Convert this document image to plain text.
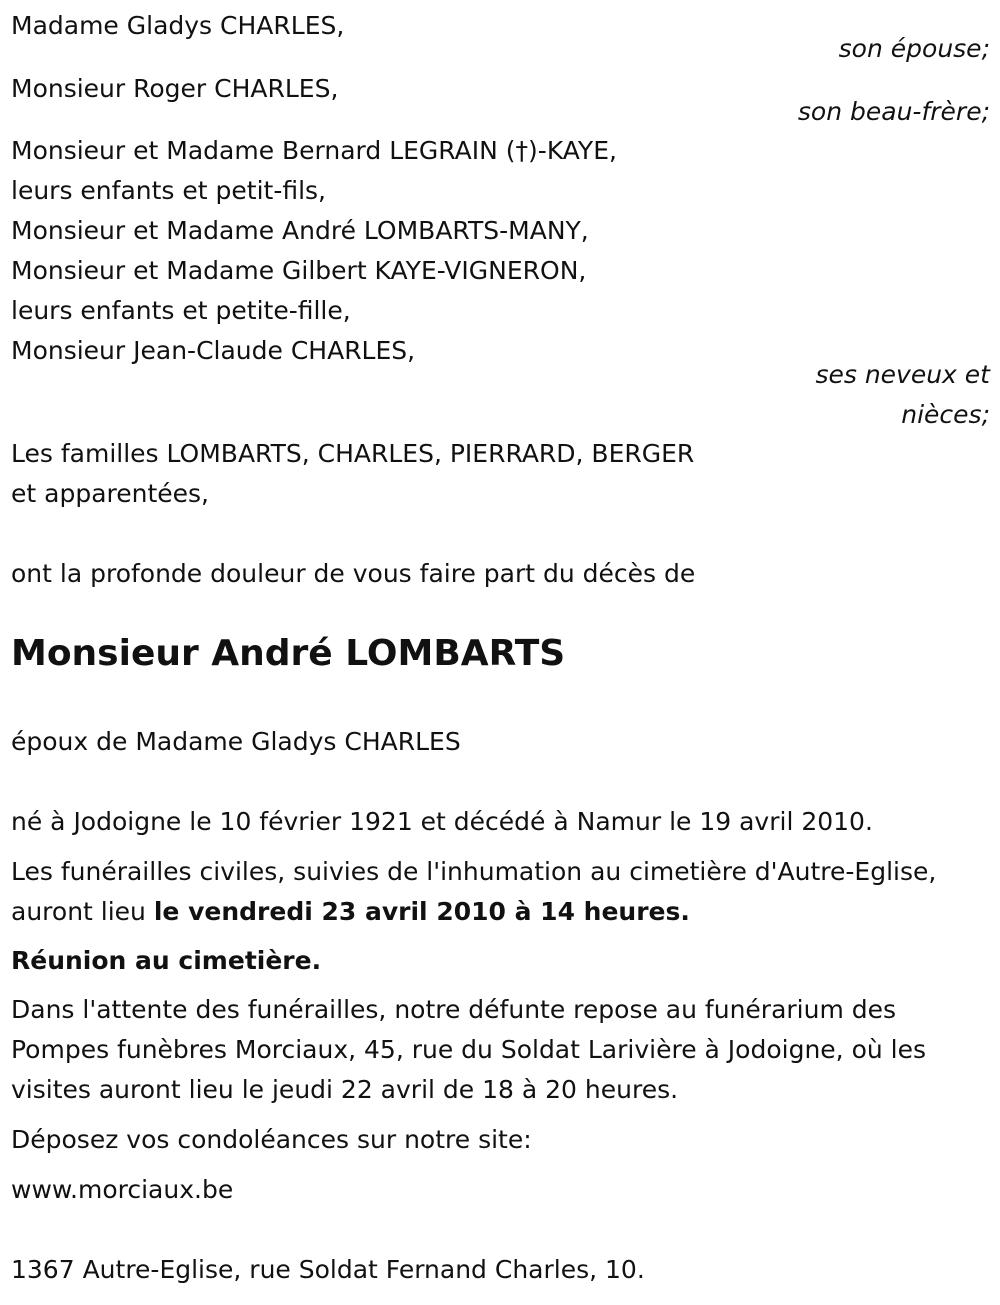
Madame Gladys CHARLES,

son épouse;

Monsieur Roger CHARLES,

son beau-frère;

Monsieur et Madame Bernard LEGRAIN (†)-KAYE,

leurs enfants et petit-fils,

Monsieur et Madame André LOMBARTS-MANY,

Monsieur et Madame Gilbert KAYE-VIGNERON,

leurs enfants et petite-fille,

Monsieur Jean-Claude CHARLES,

ses neveux et

nièces;

Les familles LOMBARTS, CHARLES, PIERRARD, BERGER

et apparentées,

ont la profonde douleur de vous faire part du décès de

Monsieur André LOMBARTS

époux de Madame Gladys CHARLES

né à Jodoigne le 10 février 1921 et décédé à Namur le 19 avril 2010.

Les funérailles civiles, suivies de l'inhumation au cimetière d'Autre-Eglise,

auront lieu le vendredi 23 avril 2010 à 14 heures.

Réunion au cimetière.

Dans l'attente des funérailles, notre défunte repose au funérarium des

Pompes funèbres Morciaux, 45, rue du Soldat Larivière à Jodoigne, où les

visites auront lieu le jeudi 22 avril de 18 à 20 heures.

Déposez vos condoléances sur notre site:

www.morciaux.be

1367 Autre-Eglise, rue Soldat Fernand Charles, 10.
